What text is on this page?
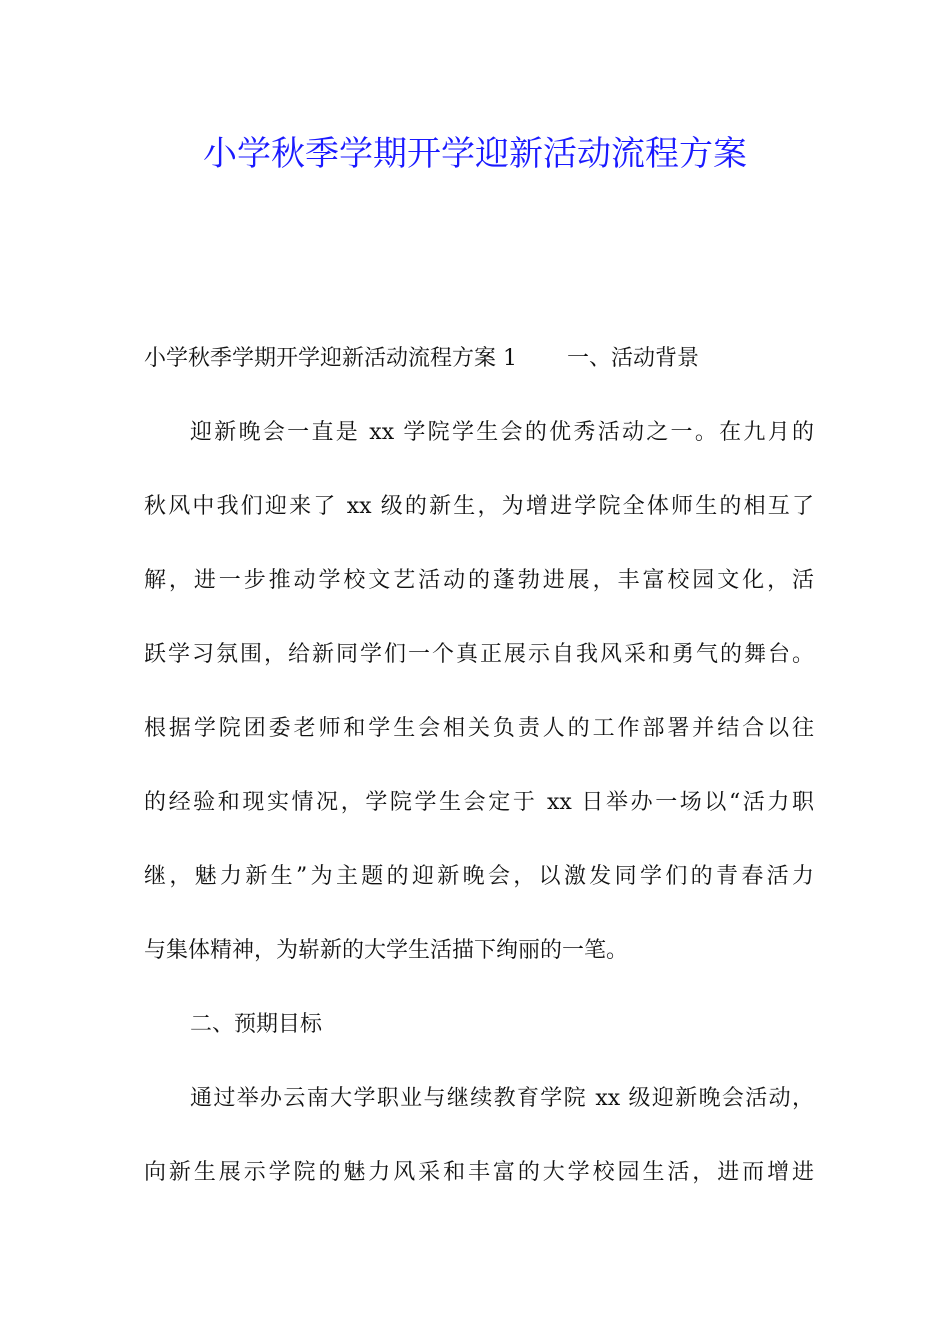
小学秋季学期开学迎新活动流程方案
小学秋季学期开学迎新活动流程方案 1 一、活动背景
迎新晚会一直是 xx 学院学生会的优秀活动之一。在九月的
秋风中我们迎来了 xx 级的新生，为增进学院全体师生的相互了
解，进一步推动学校文艺活动的蓬勃进展，丰富校园文化，活
跃学习氛围，给新同学们一个真正展示自我风采和勇气的舞台。
根据学院团委老师和学生会相关负责人的工作部署并结合以往
的经验和现实情况，学院学生会定于 xx 日举办一场以“活力职
继，魅力新生”为主题的迎新晚会，以激发同学们的青春活力
与集体精神，为崭新的大学生活描下绚丽的一笔。
二、预期目标
通过举办云南大学职业与继续教育学院 xx 级迎新晚会活动，
向新生展示学院的魅力风采和丰富的大学校园生活，进而增进
